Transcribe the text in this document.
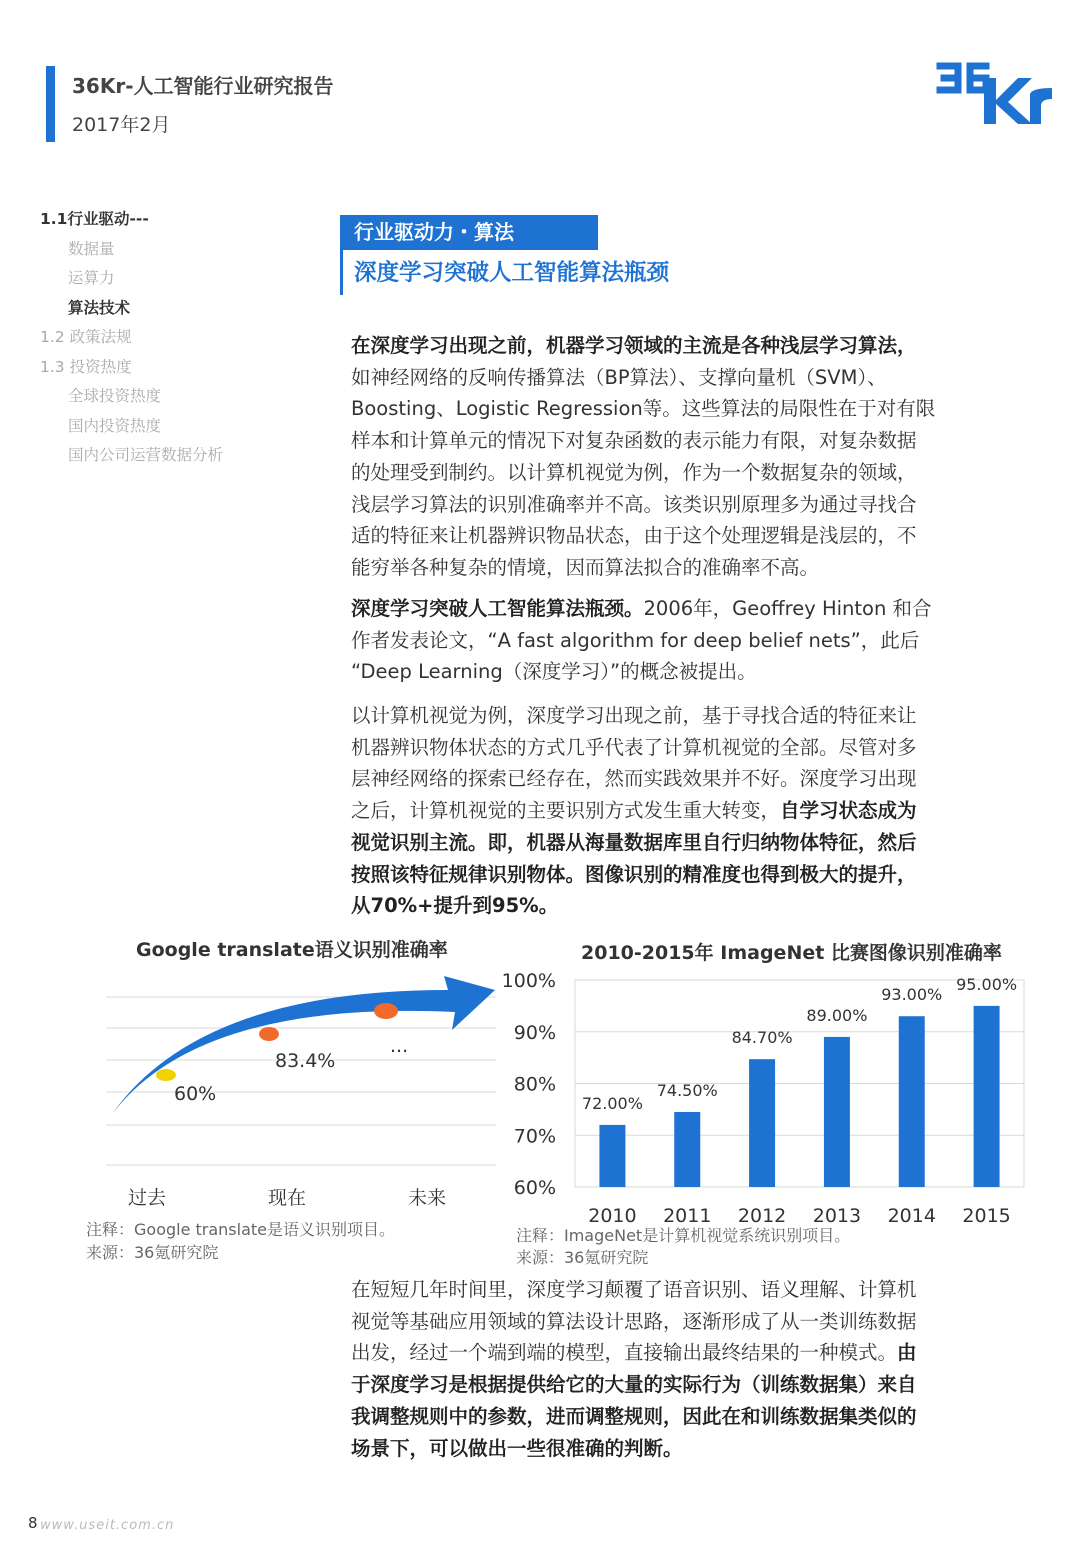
36Kr-人工智能行业研究报告
2017年2月
1.1行业驱动---
数据量
运算力
算法技术
1.2 政策法规
1.3 投资热度
全球投资热度
国内投资热度
国内公司运营数据分析
行业驱动力・算法
深度学习突破人工智能算法瓶颈
在深度学习出现之前，机器学习领域的主流是各种浅层学习算法，
如神经网络的反响传播算法（BP算法）、支撑向量机（SVM）、
Boosting、Logistic Regression等。这些算法的局限性在于对有限
样本和计算单元的情况下对复杂函数的表示能力有限，对复杂数据
的处理受到制约。以计算机视觉为例，作为一个数据复杂的领域，
浅层学习算法的识别准确率并不高。该类识别原理多为通过寻找合
适的特征来让机器辨识物品状态，由于这个处理逻辑是浅层的，不
能穷举各种复杂的情境，因而算法拟合的准确率不高。
深度学习突破人工智能算法瓶颈。2006年，Geoffrey Hinton 和合
作者发表论文，“A fast algorithm for deep belief nets”，此后
“Deep Learning（深度学习）”的概念被提出。
以计算机视觉为例，深度学习出现之前，基于寻找合适的特征来让
机器辨识物体状态的方式几乎代表了计算机视觉的全部。尽管对多
层神经网络的探索已经存在，然而实践效果并不好。深度学习出现
之后，计算机视觉的主要识别方式发生重大转变，自学习状态成为
视觉识别主流。即，机器从海量数据库里自行归纳物体特征，然后
按照该特征规律识别物体。图像识别的精准度也得到极大的提升，
从70%+提升到95%。
Google translate语义识别准确率
60%
83.4%
...
过去	现在	未来
注释：Google translate是语义识别项目。
来源：36氪研究院
2010-2015年 ImageNet 比赛图像识别准确率
60%
70%
80%
90%
100%
72.00%
74.50%
84.70%
89.00%
93.00%
95.00%
2010 2011 2012 2013 2014 2015
注释：ImageNet是计算机视觉系统识别项目。
来源：36氪研究院
在短短几年时间里，深度学习颠覆了语音识别、语义理解、计算机
视觉等基础应用领域的算法设计思路，逐渐形成了从一类训练数据
出发，经过一个端到端的模型，直接输出最终结果的一种模式。由
于深度学习是根据提供给它的大量的实际行为（训练数据集）来自
我调整规则中的参数，进而调整规则，因此在和训练数据集类似的
场景下，可以做出一些很准确的判断。
8 www.useit.com.cn
